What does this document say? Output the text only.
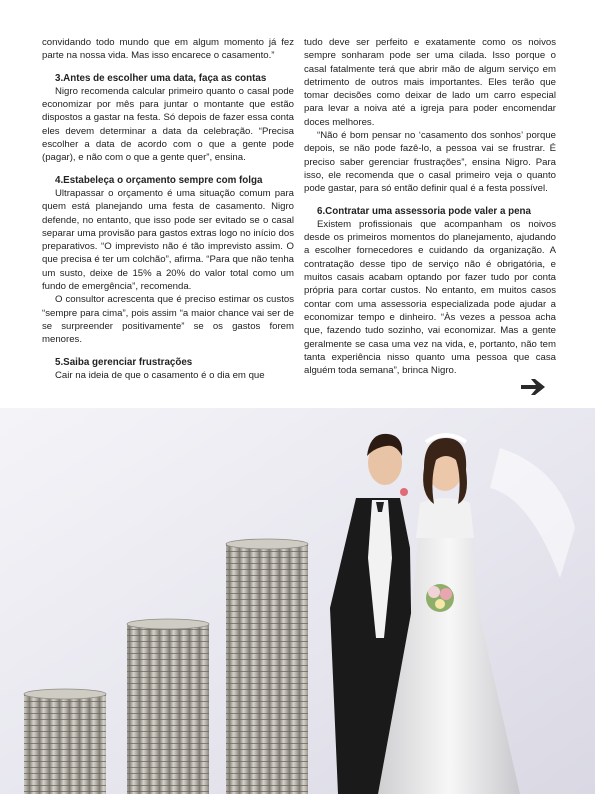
convidando todo mundo que em algum momento já fez parte na nossa vida. Mas isso encarece o casamento.”

3.Antes de escolher uma data, faça as contas

Nigro recomenda calcular primeiro quanto o casal pode economizar por mês para juntar o montante que estão dispostos a gastar na festa. Só depois de fazer essa conta eles devem determinar a data da celebração. “Precisa escolher a data de acordo com o que a gente pode (pagar), e não com o que a gente quer”, ensina.

4.Estabeleça o orçamento sempre com folga

Ultrapassar o orçamento é uma situação comum para quem está planejando uma festa de casamento. Nigro defende, no entanto, que isso pode ser evitado se o casal separar uma provisão para gastos extras logo no início dos preparativos. “O imprevisto não é tão imprevisto assim. O que precisa é ter um colchão”, afirma. “Para que não tenha um susto, deixe de 15% a 20% do valor total como um fundo de emergência”, recomenda.

O consultor acrescenta que é preciso estimar os custos “sempre para cima”, pois assim “a maior chance vai ser de se surpreender positivamente” se os gastos forem menores.

5.Saiba gerenciar frustrações

Cair na ideia de que o casamento é o dia em que

tudo deve ser perfeito e exatamente como os noivos sempre sonharam pode ser uma cilada. Isso porque o casal fatalmente terá que abrir mão de algum serviço em detrimento de outros mais importantes. Eles terão que tomar decisões como deixar de lado um carro especial para levar a noiva até a igreja para poder encomendar doces melhores.

“Não é bom pensar no ‘casamento dos sonhos’ porque depois, se não pode fazê-lo, a pessoa vai se frustrar. É preciso saber gerenciar frustrações”, ensina Nigro. Para isso, ele recomenda que o casal primeiro veja o quanto pode gastar, para só então definir qual é a festa possível.

6.Contratar uma assessoria pode valer a pena

Existem profissionais que acompanham os noivos desde os primeiros momentos do planejamento, ajudando a escolher fornecedores e cuidando da organização. A contratação desse tipo de serviço não é obrigatória, e muitos casais acabam optando por fazer tudo por conta própria para cortar custos. No entanto, em muitos casos contar com uma assessoria especializada pode ajudar a economizar tempo e dinheiro. “Às vezes a pessoa acha que, fazendo tudo sozinho, vai economizar. Mas a gente geralmente se casa uma vez na vida, e, portanto, não tem tanta experiência nisso quanto uma pessoa que casa alguém toda semana”, brinca Nigro.
